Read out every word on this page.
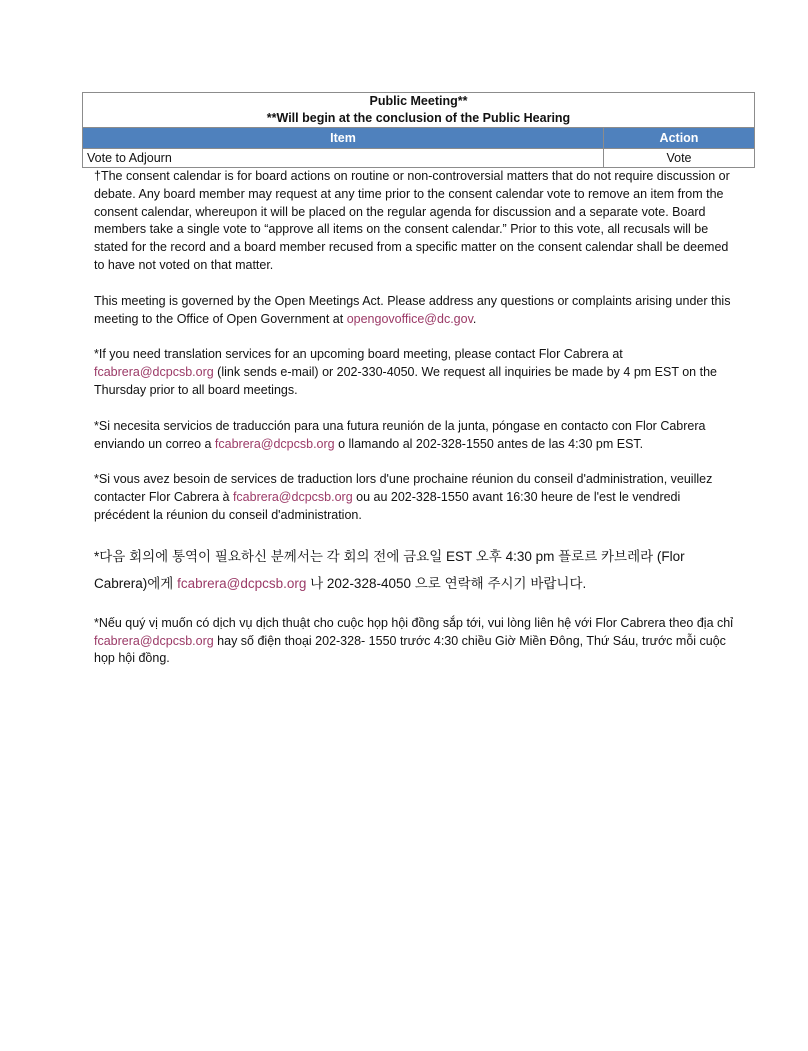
Public Meeting**
**Will begin at the conclusion of the Public Hearing	

Item	Action
Vote to Adjourn	Vote

†The consent calendar is for board actions on routine or non-controversial matters that do not require discussion or debate. Any board member may request at any time prior to the consent calendar vote to remove an item from the consent calendar, whereupon it will be placed on the regular agenda for discussion and a separate vote. Board members take a single vote to “approve all items on the consent calendar.” Prior to this vote, all recusals will be stated for the record and a board member recused from a specific matter on the consent calendar shall be deemed to have not voted on that matter.

This meeting is governed by the Open Meetings Act. Please address any questions or complaints arising under this meeting to the Office of Open Government at opengovoffice@dc.gov.

*If you need translation services for an upcoming board meeting, please contact Flor Cabrera at fcabrera@dcpcsb.org (link sends e-mail) or 202-330-4050. We request all inquiries be made by 4 pm EST on the Thursday prior to all board meetings.

*Si necesita servicios de traducción para una futura reunión de la junta, póngase en contacto con Flor Cabrera enviando un correo a fcabrera@dcpcsb.org o llamando al 202-328-1550 antes de las 4:30 pm EST.

*Si vous avez besoin de services de traduction lors d'une prochaine réunion du conseil d'administration, veuillez contacter Flor Cabrera à fcabrera@dcpcsb.org ou au 202-328-1550 avant 16:30 heure de l'est le vendredi précédent la réunion du conseil d'administration.

*다음 회의에 통역이 필요하신 분께서는 각 회의 전에 금요일 EST 오후 4:30 pm 플로르 카브레라 (Flor Cabrera)에게 fcabrera@dcpcsb.org 나 202-328-4050 으로 연락해 주시기 바랍니다.

*Nếu quý vị muốn có dịch vụ dịch thuật cho cuộc họp hội đồng sắp tới, vui lòng liên hệ với Flor Cabrera theo địa chỉ fcabrera@dcpcsb.org hay số điện thoại 202-328- 1550 trước 4:30 chiều Giờ Miền Đông, Thứ Sáu, trước mỗi cuộc họp hội đồng.
